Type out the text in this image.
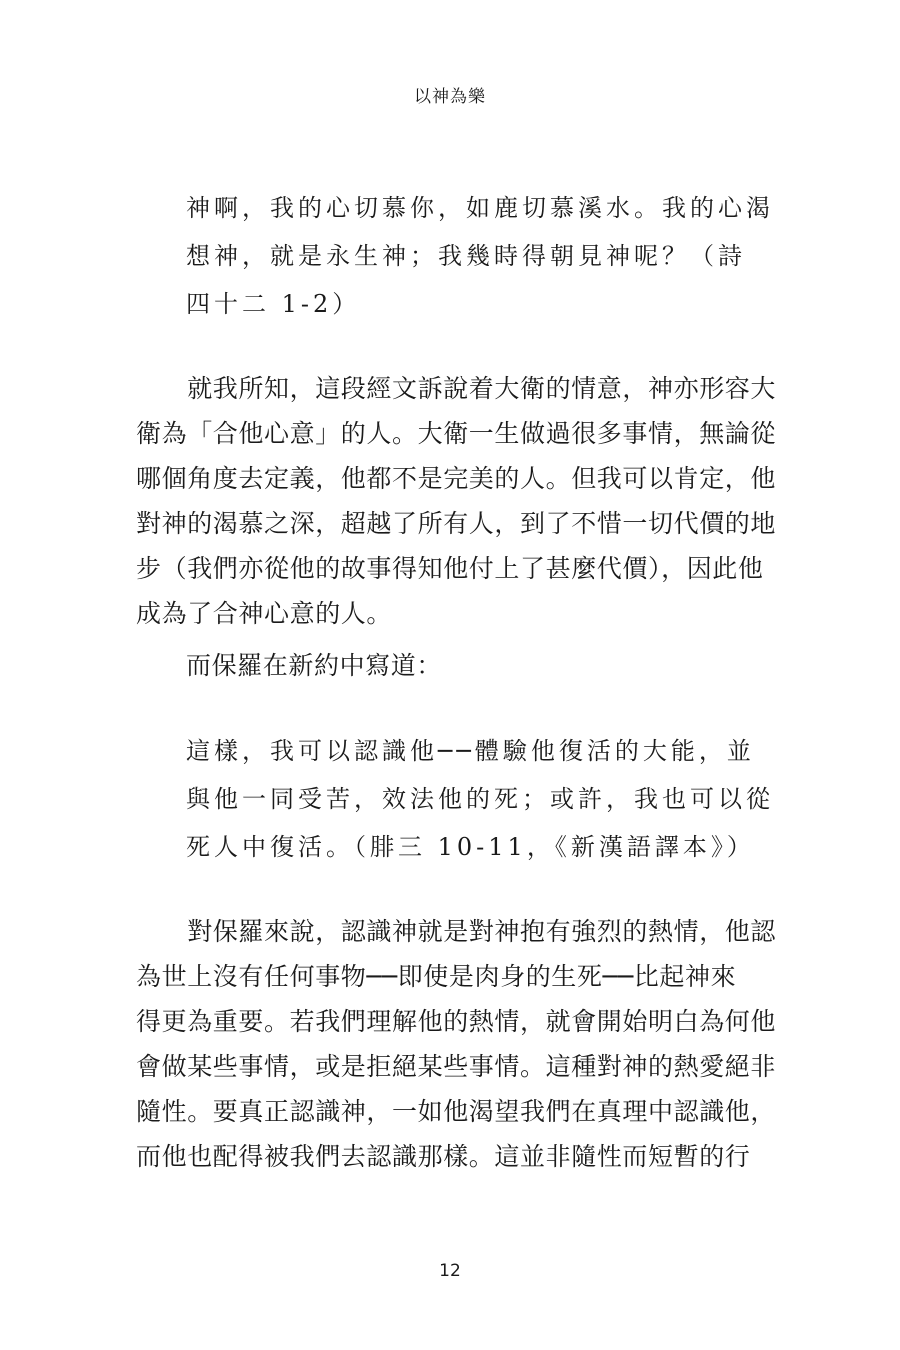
以神為樂
神啊，我的心切慕你，如鹿切慕溪水。我的心渴
想神，就是永生神；我幾時得朝見神呢？（詩
四十二 1-2）
　　就我所知，這段經文訴說着大衛的情意，神亦形容大
衛為「合他心意」的人。大衛一生做過很多事情，無論從
哪個角度去定義，他都不是完美的人。但我可以肯定，他
對神的渴慕之深，超越了所有人，到了不惜一切代價的地
步（我們亦從他的故事得知他付上了甚麼代價），因此他
成為了合神心意的人。
而保羅在新約中寫道：
這樣，我可以認識他──體驗他復活的大能，並
與他一同受苦，效法他的死；或許，我也可以從
死人中復活。（腓三 10-11，《新漢語譯本》）
　　對保羅來說，認識神就是對神抱有強烈的熱情，他認
為世上沒有任何事物──即使是肉身的生死──比起神來
得更為重要。若我們理解他的熱情，就會開始明白為何他
會做某些事情，或是拒絕某些事情。這種對神的熱愛絕非
隨性。要真正認識神，一如他渴望我們在真理中認識他，
而他也配得被我們去認識那樣。這並非隨性而短暫的行
12
